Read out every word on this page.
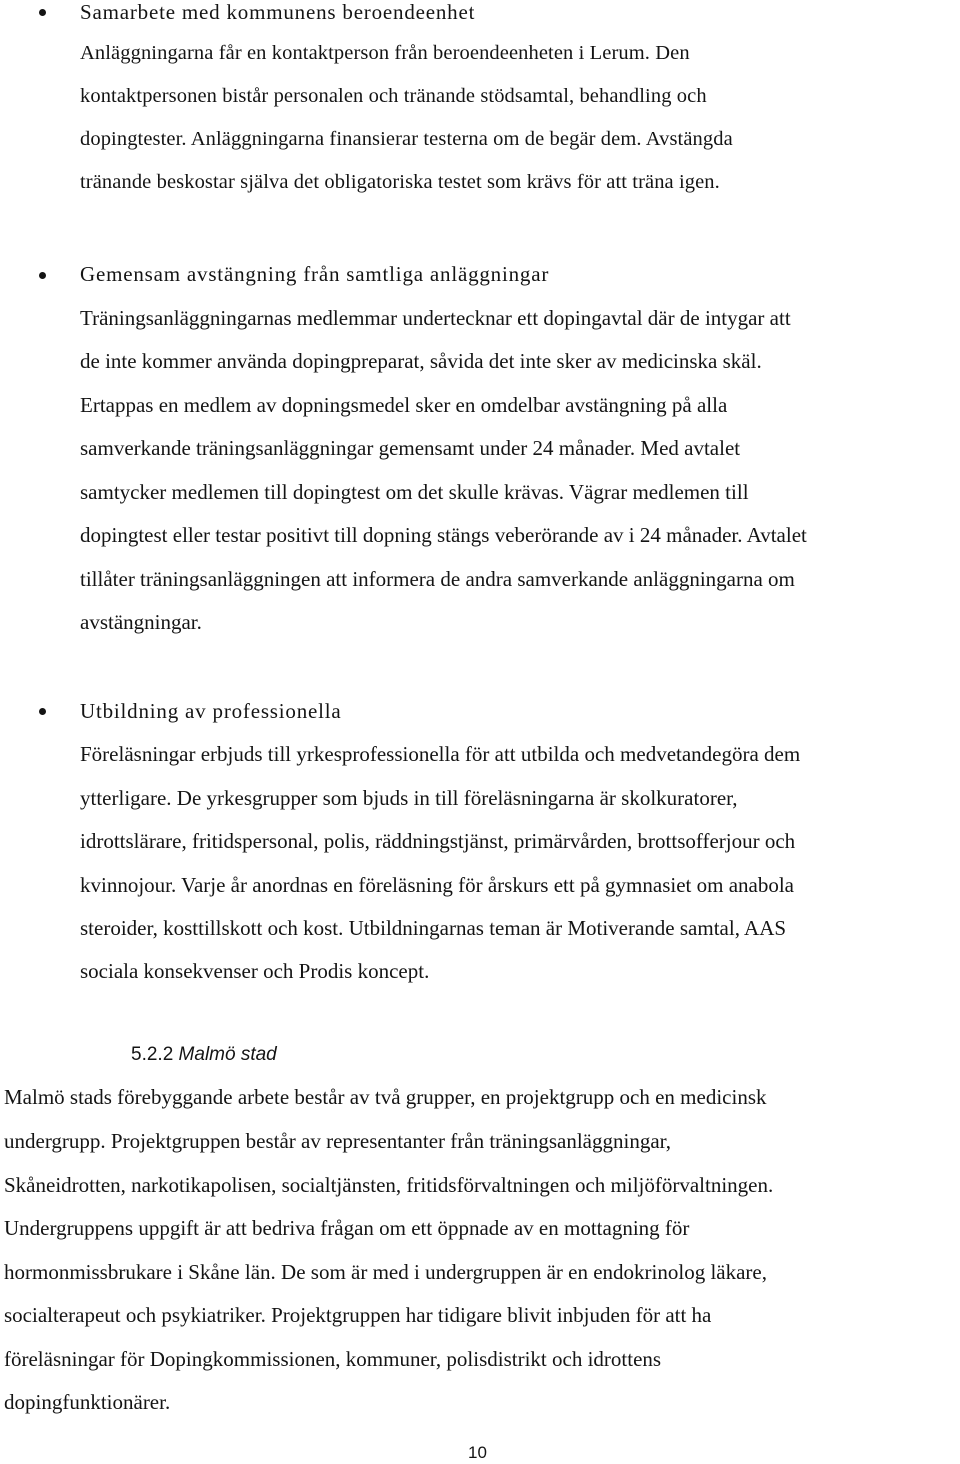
Samarbete med kommunens beroendeenhet
Anläggningarna får en kontaktperson från beroendeenheten i Lerum. Den
kontaktpersonen bistår personalen och tränande stödsamtal, behandling och
dopingtester. Anläggningarna finansierar testerna om de begär dem. Avstängda
tränande beskostar själva det obligatoriska testet som krävs för att träna igen.
Gemensam avstängning från samtliga anläggningar
Träningsanläggningarnas medlemmar undertecknar ett dopingavtal där de intygar att
de inte kommer använda dopingpreparat, såvida det inte sker av medicinska skäl.
Ertappas en medlem av dopningsmedel sker en omdelbar avstängning på alla
samverkande träningsanläggningar gemensamt under 24 månader. Med avtalet
samtycker medlemen till dopingtest om det skulle krävas. Vägrar medlemen till
dopingtest eller testar positivt till dopning stängs veberörande av i 24 månader. Avtalet
tillåter träningsanläggningen att informera de andra samverkande anläggningarna om
avstängningar.
Utbildning av professionella
Föreläsningar erbjuds till yrkesprofessionella för att utbilda och medvetandegöra dem
ytterligare. De yrkesgrupper som bjuds in till föreläsningarna är skolkuratorer,
idrottslärare, fritidspersonal, polis, räddningstjänst, primärvården, brottsofferjour och
kvinnojour. Varje år anordnas en föreläsning för årskurs ett på gymnasiet om anabola
steroider, kosttillskott och kost. Utbildningarnas teman är Motiverande samtal, AAS
sociala konsekvenser och Prodis koncept.
5.2.2 Malmö stad
Malmö stads förebyggande arbete består av två grupper, en projektgrupp och en medicinsk
undergrupp. Projektgruppen består av representanter från träningsanläggningar,
Skåneidrotten, narkotikapolisen, socialtjänsten, fritidsförvaltningen och miljöförvaltningen.
Undergruppens uppgift är att bedriva frågan om ett öppnade av en mottagning för
hormonmissbrukare i Skåne län. De som är med i undergruppen är en endokrinolog läkare,
socialterapeut och psykiatriker. Projektgruppen har tidigare blivit inbjuden för att ha
föreläsningar för Dopingkommissionen, kommuner, polisdistrikt och idrottens
dopingfunktionärer.
10
